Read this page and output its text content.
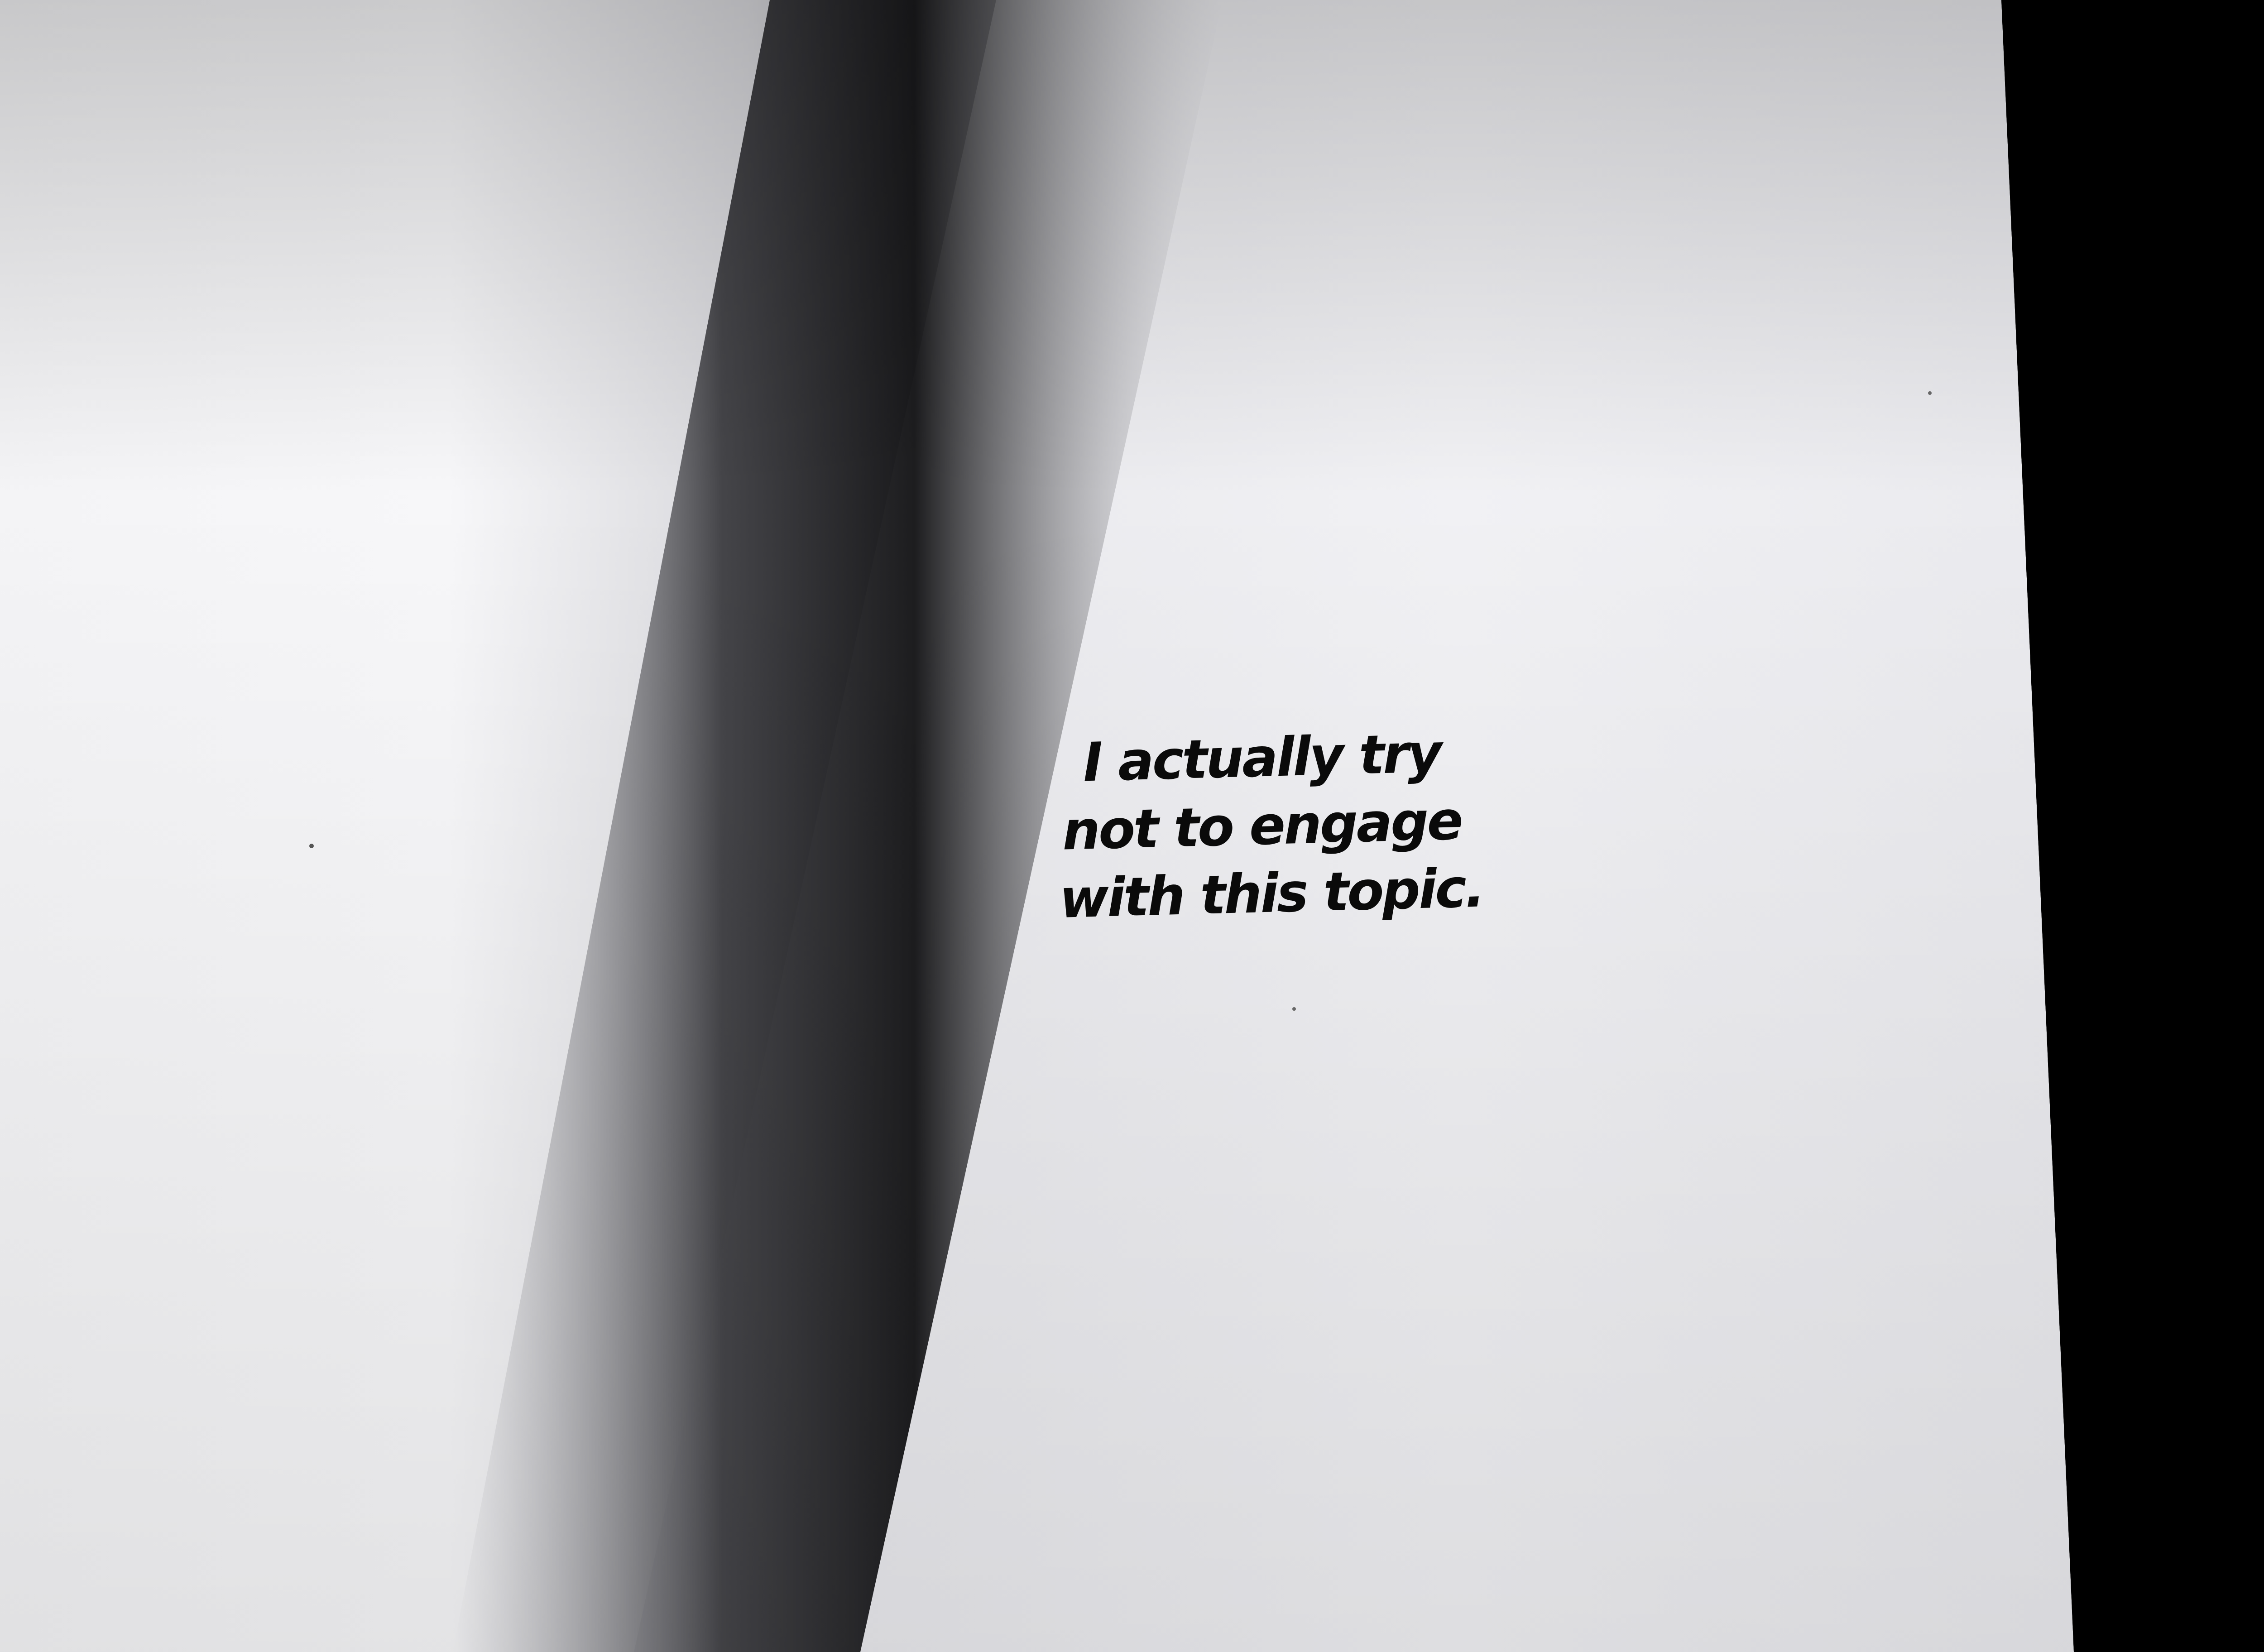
I actually try
not to engage
with this topic.
